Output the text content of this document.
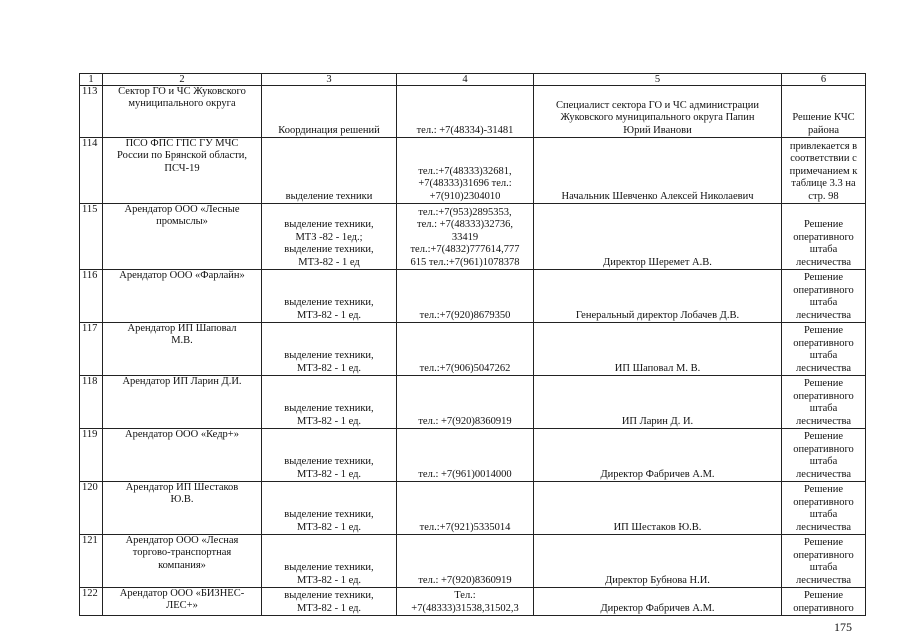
1	2	3	4	5	6
113	Сектор ГО и ЧС Жуковского
муниципального округа	Координация решений	тел.: +7(48334)-31481	Специалист сектора ГО и ЧС администрации
Жуковского муниципального округа Папин
Юрий Иванови	Решение КЧС
района
114	ПСО ФПС ГПС ГУ МЧС
России по Брянской области,
ПСЧ-19	выделение техники	тел.:+7(48333)32681,
+7(48333)31696 тел.:
+7(910)2304010	Начальник Шевченко Алексей Николаевич	привлекается в
соответствии с
примечанием к
таблице 3.3 на
стр. 98
115	Арендатор ООО «Лесные
промыслы»	выделение техники,
МТЗ -82 - 1ед.;
выделение техники,
МТЗ-82 - 1 ед	тел.:+7(953)2895353,
тел.: +7(48333)32736,
33419
тел.:+7(4832)777614,777
615 тел.:+7(961)1078378	Директор Шеремет А.В.	Решение
оперативного
штаба
лесничества
116	Арендатор ООО «Фарлайн»	выделение техники,
МТЗ-82 - 1 ед.	тел.:+7(920)8679350	Генеральный директор Лобачев Д.В.	Решение
оперативного
штаба
лесничества
117	Арендатор ИП Шаповал
М.В.	выделение техники,
МТЗ-82 - 1 ед.	тел.:+7(906)5047262	ИП Шаповал М. В.	Решение
оперативного
штаба
лесничества
118	Арендатор ИП Ларин Д.И.	выделение техники,
МТЗ-82 - 1 ед.	тел.: +7(920)8360919	ИП Ларин Д. И.	Решение
оперативного
штаба
лесничества
119	Арендатор ООО «Кедр+»	выделение техники,
МТЗ-82 - 1 ед.	тел.: +7(961)0014000	Директор Фабричев А.М.	Решение
оперативного
штаба
лесничества
120	Арендатор ИП Шестаков
Ю.В.	выделение техники,
МТЗ-82 - 1 ед.	тел.:+7(921)5335014	ИП Шестаков Ю.В.	Решение
оперативного
штаба
лесничества
121	Арендатор ООО «Лесная
торгово-транспортная
компания»	выделение техники,
МТЗ-82 - 1 ед.	тел.: +7(920)8360919	Директор Бубнова Н.И.	Решение
оперативного
штаба
лесничества
122	Арендатор ООО «БИЗНЕС-
ЛЕС+»	выделение техники,
МТЗ-82 - 1 ед.	Тел.:
+7(48333)31538,31502,3	Директор Фабричев А.М.	Решение
оперативного
175
